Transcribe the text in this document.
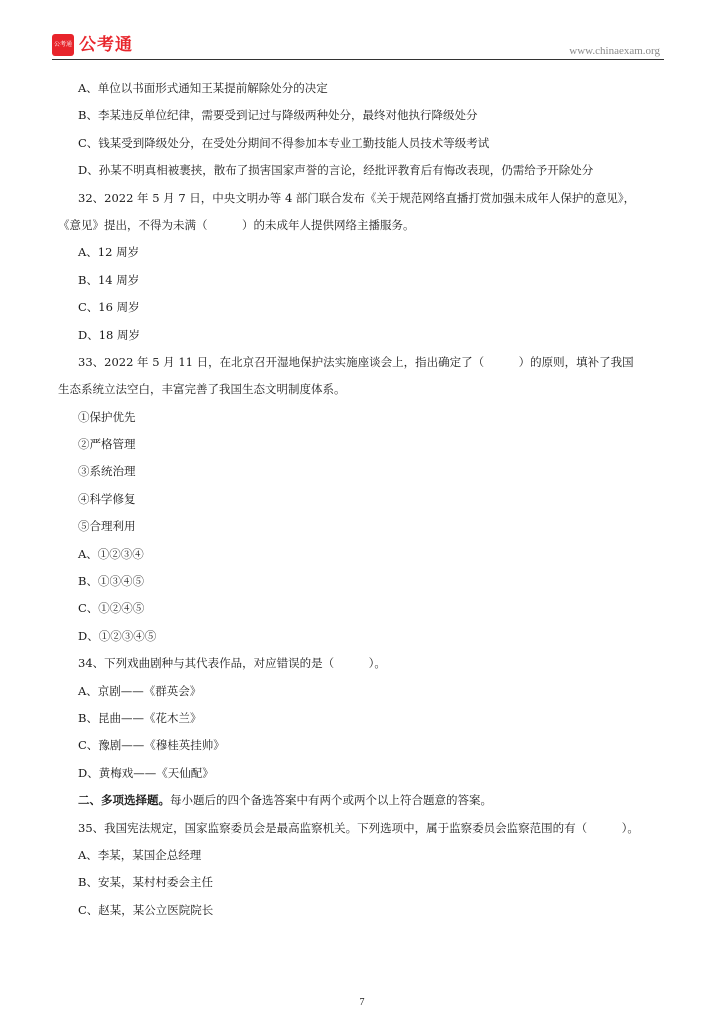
公考通 公考通	www.chinaexam.org
A、单位以书面形式通知王某提前解除处分的决定
B、李某违反单位纪律，需要受到记过与降级两种处分，最终对他执行降级处分
C、钱某受到降级处分，在受处分期间不得参加本专业工勤技能人员技术等级考试
D、孙某不明真相被裹挟，散布了损害国家声誉的言论，经批评教育后有悔改表现，仍需给予开除处分
32、2022 年 5 月 7 日，中央文明办等 4 部门联合发布《关于规范网络直播打赏加强未成年人保护的意见》，
《意见》提出，不得为未满（　　　）的未成年人提供网络主播服务。
A、12 周岁
B、14 周岁
C、16 周岁
D、18 周岁
33、2022 年 5 月 11 日，在北京召开湿地保护法实施座谈会上，指出确定了（　　　）的原则，填补了我国
生态系统立法空白，丰富完善了我国生态文明制度体系。
①保护优先
②严格管理
③系统治理
④科学修复
⑤合理利用
A、①②③④
B、①③④⑤
C、①②④⑤
D、①②③④⑤
34、下列戏曲剧种与其代表作品，对应错误的是（　　　）。
A、京剧——《群英会》
B、昆曲——《花木兰》
C、豫剧——《穆桂英挂帅》
D、黄梅戏——《天仙配》
二、多项选择题。每小题后的四个备选答案中有两个或两个以上符合题意的答案。
35、我国宪法规定，国家监察委员会是最高监察机关。下列选项中，属于监察委员会监察范围的有（　　　）。
A、李某，某国企总经理
B、安某，某村村委会主任
C、赵某，某公立医院院长
7
